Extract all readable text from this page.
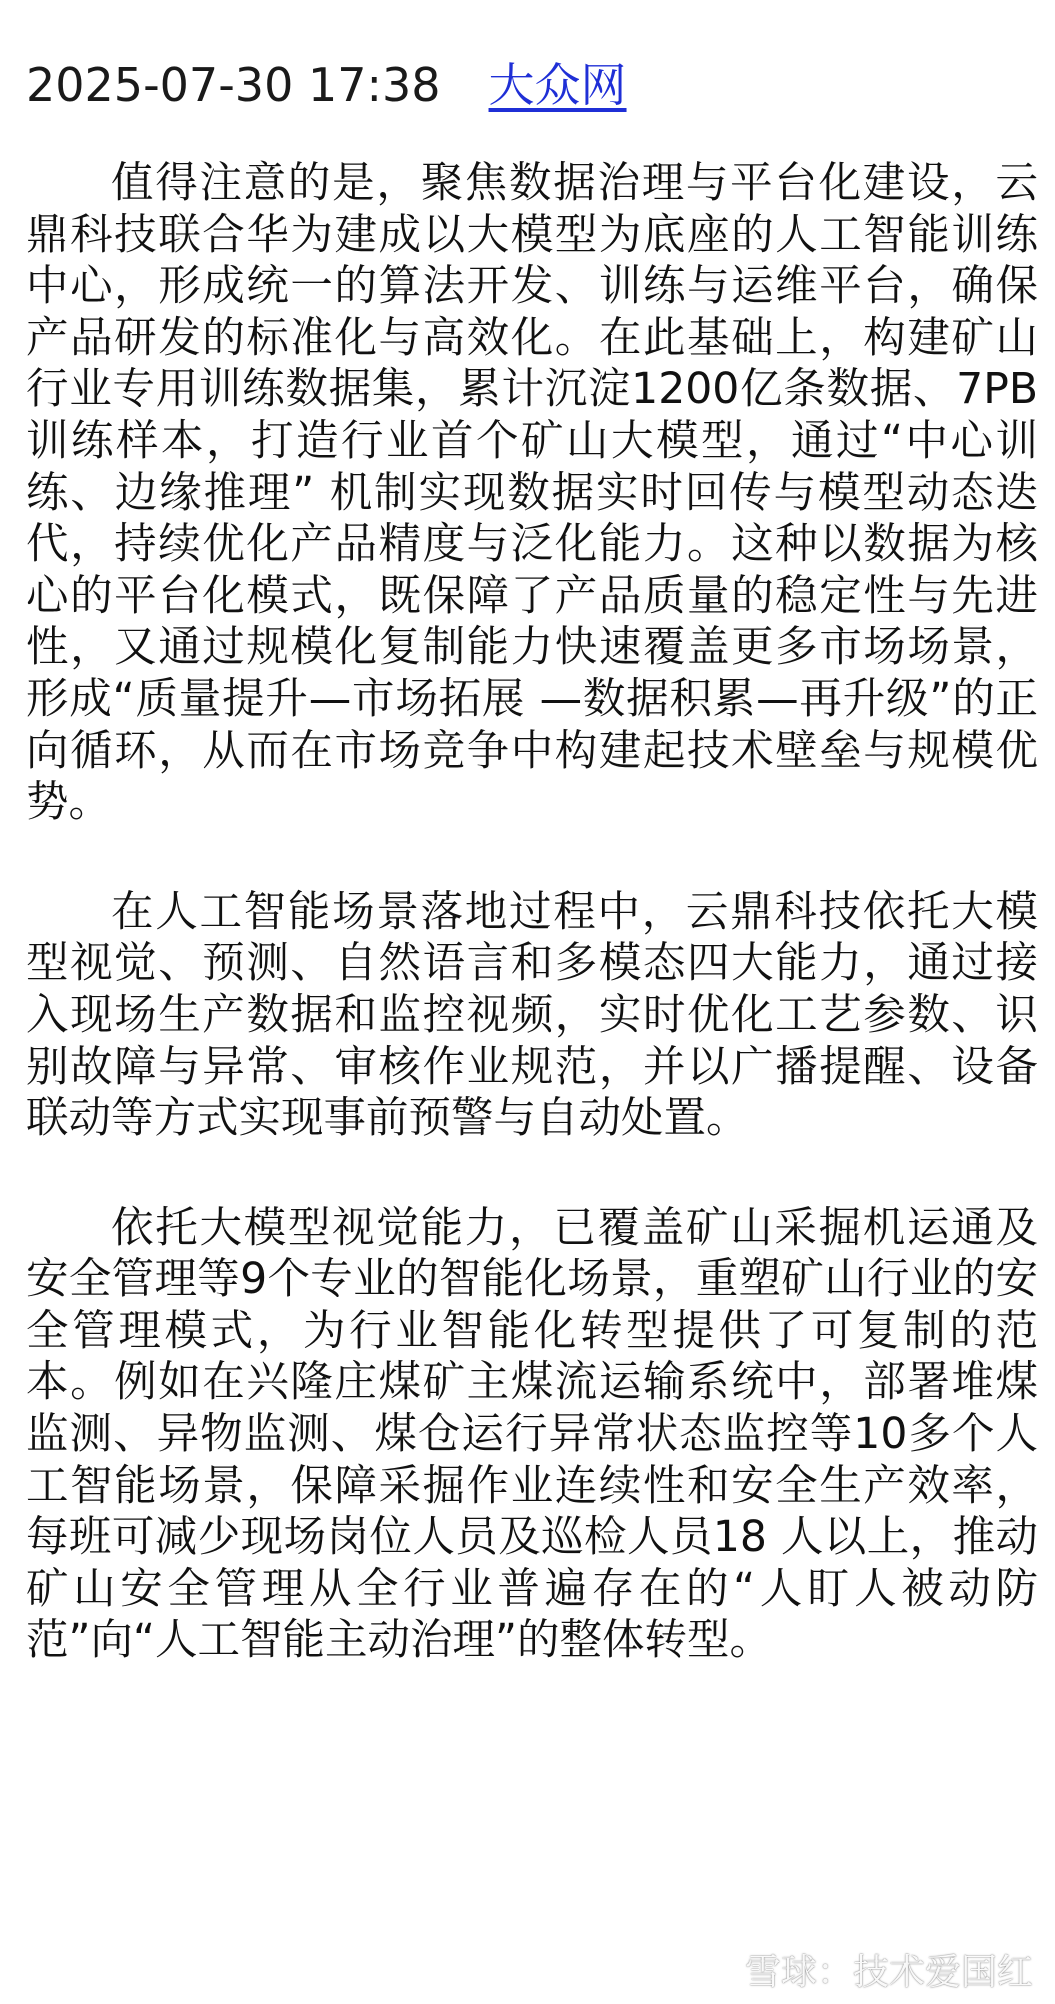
2025-07-30 17:38 大众网

值得注意的是，聚焦数据治理与平台化建设，云鼎科技联合华为建成以大模型为底座的人工智能训练中心，形成统一的算法开发、训练与运维平台，确保产品研发的标准化与高效化。在此基础上，构建矿山行业专用训练数据集，累计沉淀1200亿条数据、7PB训练样本，打造行业首个矿山大模型，通过“中心训练、边缘推理” 机制实现数据实时回传与模型动态迭代，持续优化产品精度与泛化能力。这种以数据为核心的平台化模式，既保障了产品质量的稳定性与先进性，又通过规模化复制能力快速覆盖更多市场场景，形成“质量提升—市场拓展 —数据积累—再升级”的正向循环，从而在市场竞争中构建起技术壁垒与规模优势。

在人工智能场景落地过程中，云鼎科技依托大模型视觉、预测、自然语言和多模态四大能力，通过接入现场生产数据和监控视频，实时优化工艺参数、识别故障与异常、审核作业规范，并以广播提醒、设备联动等方式实现事前预警与自动处置。

依托大模型视觉能力，已覆盖矿山采掘机运通及安全管理等9个专业的智能化场景，重塑矿山行业的安全管理模式，为行业智能化转型提供了可复制的范本。例如在兴隆庄煤矿主煤流运输系统中，部署堆煤监测、异物监测、煤仓运行异常状态监控等10多个人工智能场景，保障采掘作业连续性和安全生产效率，每班可减少现场岗位人员及巡检人员18 人以上，推动矿山安全管理从全行业普遍存在的“人盯人被动防范”向“人工智能主动治理”的整体转型。

雪球：技术爱国红
